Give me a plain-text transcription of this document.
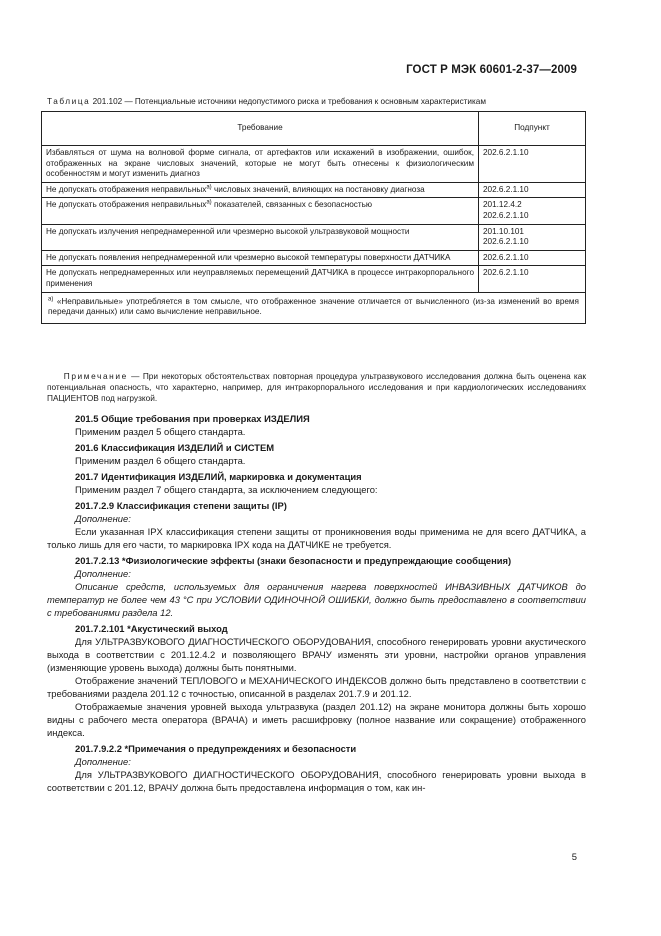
ГОСТ Р МЭК 60601-2-37—2009
Таблица 201.102 — Потенциальные источники недопустимого риска и требования к основным характеристикам
Требование	Подпункт
Избавляться от шума на волновой форме сигнала, от артефактов или искажений в изображении, ошибок, отображенных на экране числовых значений, которые не могут быть отнесены к физиологическим особенностям и могут изменить диагноз	202.6.2.1.10

Не допускать отображения неправильных$^{а)}$ числовых значений, влияющих на постановку диагноза	202.6.2.1.10

Не допускать отображения неправильных$^{а)}$ показателей, связанных с безопасностью	201.12.4.2
202.6.2.1.10

Не допускать излучения непреднамеренной или чрезмерно высокой ультразвуковой мощности	201.10.101
202.6.2.1.10

Не допускать появления непреднамеренной или чрезмерно высокой температуры поверхности ДАТЧИКА	202.6.2.1.10

Не допускать непреднамеренных или неуправляемых перемещений ДАТЧИКА в процессе интракорпорального применения	202.6.2.1.10

$^{а)}$ «Неправильные» употребляется в том смысле, что отображенное значение отличается от вычисленного (из-за изменений во время передачи данных) или само вычисление неправильное.	
Примечание — При некоторых обстоятельствах повторная процедура ультразвукового исследования должна быть оценена как потенциальная опасность, что характерно, например, для интракорпорального исследования и при кардиологических исследованиях ПАЦИЕНТОВ под нагрузкой.

201.5 Общие требования при проверках ИЗДЕЛИЯ

Применим раздел 5 общего стандарта.

201.6 Классификация ИЗДЕЛИЙ и СИСТЕМ

Применим раздел 6 общего стандарта.

201.7 Идентификация ИЗДЕЛИЙ, маркировка и документация

Применим раздел 7 общего стандарта, за исключением следующего:

201.7.2.9 Классификация степени защиты (IP)

Дополнение:

Если указанная IPX классификация степени защиты от проникновения воды применима не для всего ДАТЧИКА, а только лишь для его части, то маркировка IPX кода на ДАТЧИКЕ не требуется.

201.7.2.13 *Физиологические эффекты (знаки безопасности и предупреждающие сообщения)

Дополнение:

Описание средств, используемых для ограничения нагрева поверхностей ИНВАЗИВНЫХ ДАТЧИКОВ до температур не более чем 43 °С при УСЛОВИИ ОДИНОЧНОЙ ОШИБКИ, должно быть предоставлено в соответствии с требованиями раздела 12.

201.7.2.101 *Акустический выход

Для УЛЬТРАЗВУКОВОГО ДИАГНОСТИЧЕСКОГО ОБОРУДОВАНИЯ, способного генерировать уровни акустического выхода в соответствии с 201.12.4.2 и позволяющего ВРАЧУ изменять эти уровни, настройки органов управления (изменяющие уровень выхода) должны быть понятными.

Отображение значений ТЕПЛОВОГО и МЕХАНИЧЕСКОГО ИНДЕКСОВ должно быть представлено в соответствии с требованиями раздела 201.12 с точностью, описанной в разделах 201.7.9 и 201.12.

Отображаемые значения уровней выхода ультразвука (раздел 201.12) на экране монитора должны быть хорошо видны с рабочего места оператора (ВРАЧА) и иметь расшифровку (полное название или сокращение) отображенного индекса.

201.7.9.2.2 *Примечания о предупреждениях и безопасности

Дополнение:

Для УЛЬТРАЗВУКОВОГО ДИАГНОСТИЧЕСКОГО ОБОРУДОВАНИЯ, способного генерировать уровни выхода в соответствии с 201.12, ВРАЧУ должна быть предоставлена информация о том, как ин-

5
